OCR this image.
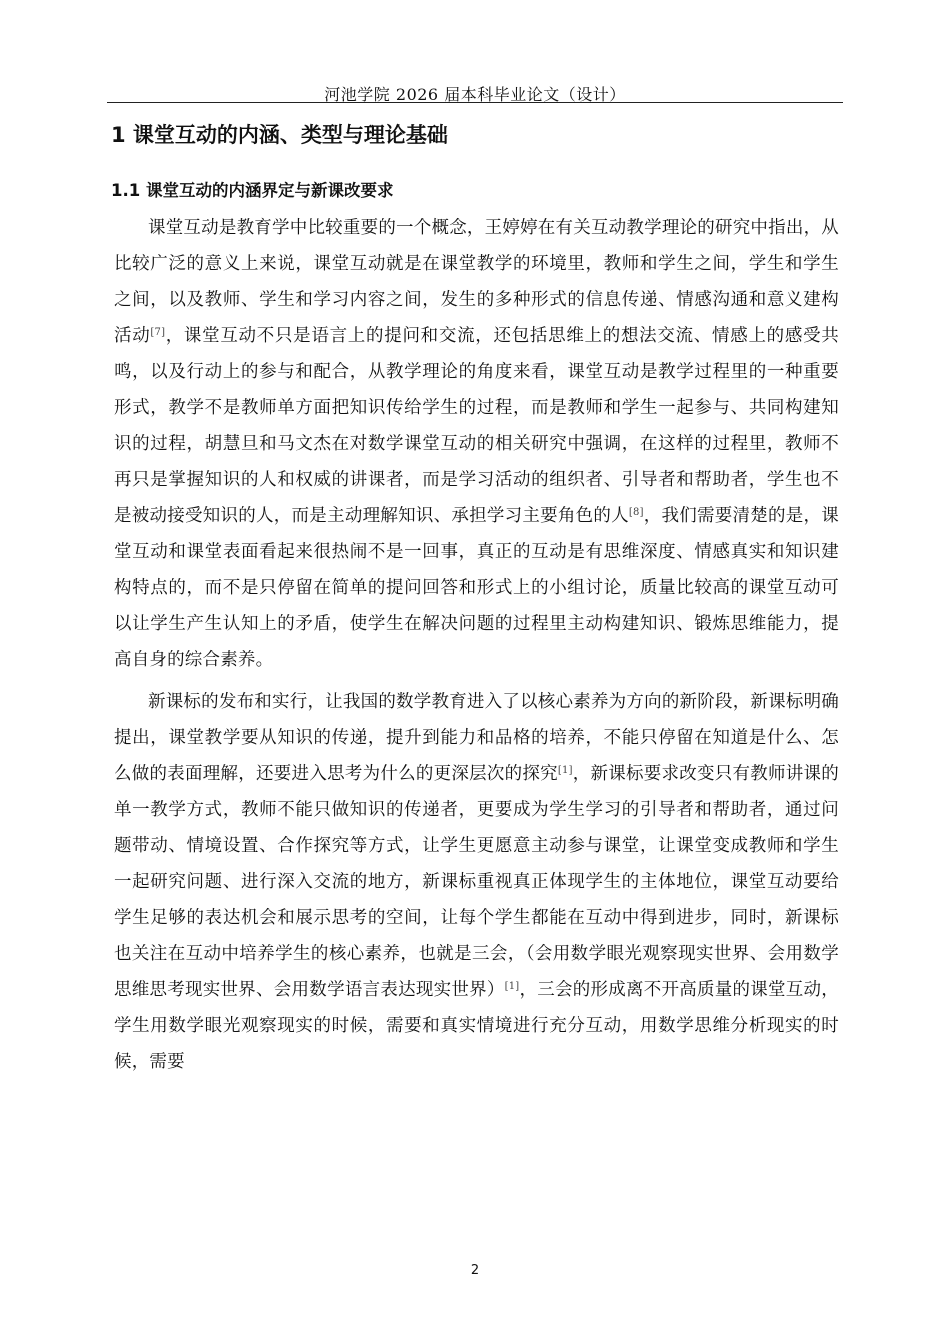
河池学院 2026 届本科毕业论文（设计）
1 课堂互动的内涵、类型与理论基础
1.1 课堂互动的内涵界定与新课改要求

课堂互动是教育学中比较重要的一个概念，王婷婷在有关互动教学理论的研究中指出，从比较广泛的意义上来说，课堂互动就是在课堂教学的环境里，教师和学生之间，学生和学生之间，以及教师、学生和学习内容之间，发生的多种形式的信息传递、情感沟通和意义建构活动[7]，课堂互动不只是语言上的提问和交流，还包括思维上的想法交流、情感上的感受共鸣，以及行动上的参与和配合，从教学理论的角度来看，课堂互动是教学过程里的一种重要形式，教学不是教师单方面把知识传给学生的过程，而是教师和学生一起参与、共同构建知识的过程，胡慧旦和马文杰在对数学课堂互动的相关研究中强调，在这样的过程里，教师不再只是掌握知识的人和权威的讲课者，而是学习活动的组织者、引导者和帮助者，学生也不是被动接受知识的人，而是主动理解知识、承担学习主要角色的人[8]，我们需要清楚的是，课堂互动和课堂表面看起来很热闹不是一回事，真正的互动是有思维深度、情感真实和知识建构特点的，而不是只停留在简单的提问回答和形式上的小组讨论，质量比较高的课堂互动可以让学生产生认知上的矛盾，使学生在解决问题的过程里主动构建知识、锻炼思维能力，提高自身的综合素养。

新课标的发布和实行，让我国的数学教育进入了以核心素养为方向的新阶段，新课标明确提出，课堂教学要从知识的传递，提升到能力和品格的培养，不能只停留在知道是什么、怎么做的表面理解，还要进入思考为什么的更深层次的探究[1]，新课标要求改变只有教师讲课的单一教学方式，教师不能只做知识的传递者，更要成为学生学习的引导者和帮助者，通过问题带动、情境设置、合作探究等方式，让学生更愿意主动参与课堂，让课堂变成教师和学生一起研究问题、进行深入交流的地方，新课标重视真正体现学生的主体地位，课堂互动要给学生足够的表达机会和展示思考的空间，让每个学生都能在互动中得到进步，同时，新课标也关注在互动中培养学生的核心素养，也就是三会，（会用数学眼光观察现实世界、会用数学思维思考现实世界、会用数学语言表达现实世界）[1]，三会的形成离不开高质量的课堂互动，学生用数学眼光观察现实的时候，需要和真实情境进行充分互动，用数学思维分析现实的时候，需要

2
